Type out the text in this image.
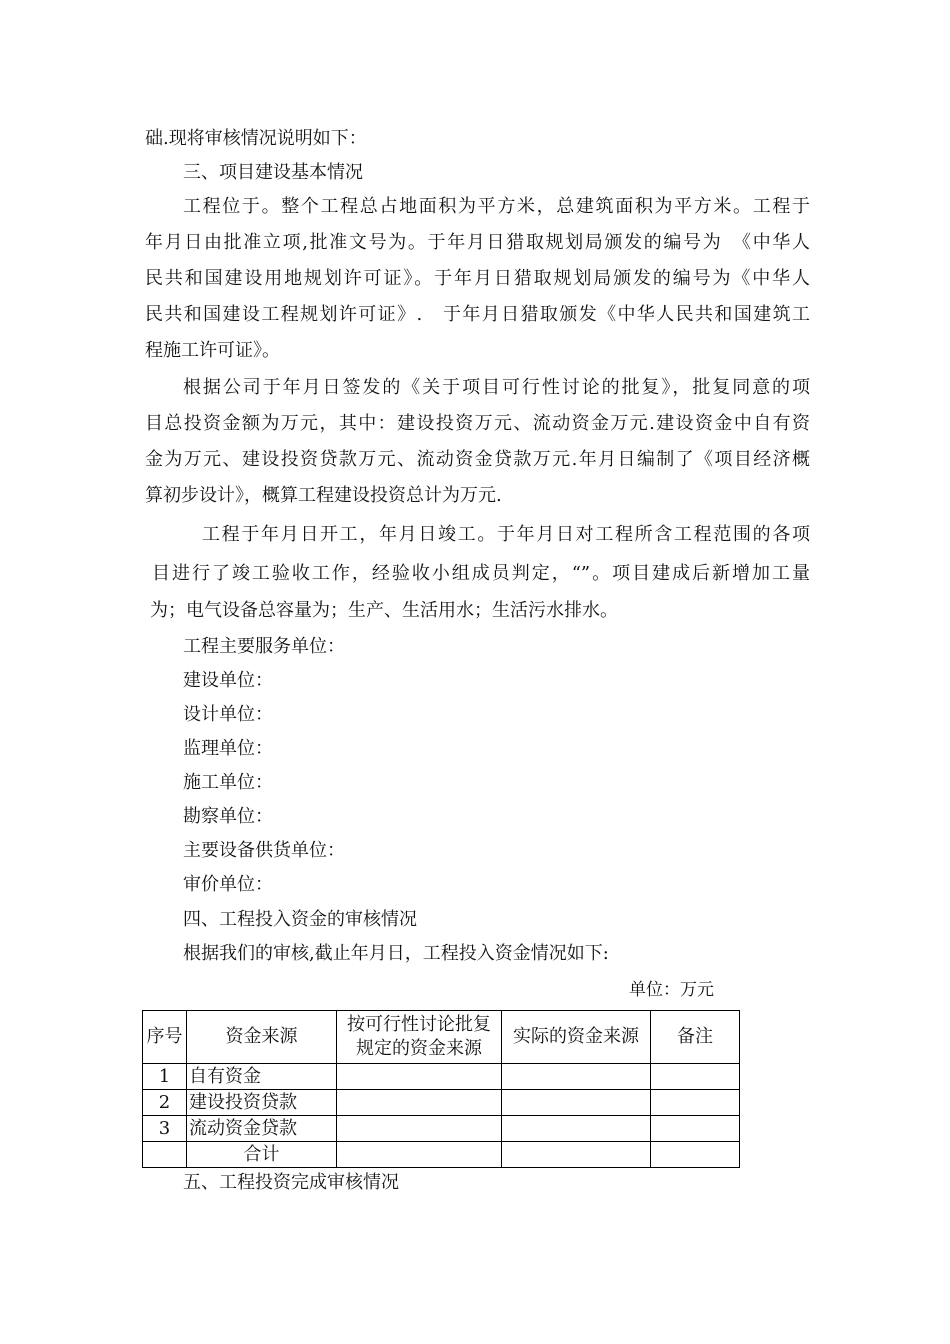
础.现将审核情况说明如下：
三、项目建设基本情况
工程位于。整个工程总占地面积为平方米，总建筑面积为平方米。工程于
年月日由批准立项,批准文号为。于年月日猎取规划局颁发的编号为　《中华人
民共和国建设用地规划许可证》。于年月日猎取规划局颁发的编号为《中华人
民共和国建设工程规划许可证》.　于年月日猎取颁发《中华人民共和国建筑工
程施工许可证》。
根据公司于年月日签发的《关于项目可行性讨论的批复》，批复同意的项
目总投资金额为万元，其中：建设投资万元、流动资金万元.建设资金中自有资
金为万元、建设投资贷款万元、流动资金贷款万元.年月日编制了《项目经济概
算初步设计》，概算工程建设投资总计为万元.
工程于年月日开工，年月日竣工。于年月日对工程所含工程范围的各项
目进行了竣工验收工作，经验收小组成员判定，“”。项目建成后新增加工量
为；电气设备总容量为；生产、生活用水；生活污水排水。
工程主要服务单位：
建设单位：
设计单位：
监理单位：
施工单位：
勘察单位：
主要设备供货单位：
审价单位：
四、工程投入资金的审核情况
根据我们的审核,截止年月日，工程投入资金情况如下:
单位：万元
序号	资金来源	按可行性讨论批复规定的资金来源	实际的资金来源	备注
1	自有资金			
2	建设投资贷款			
3	流动资金贷款			
	合计			
五、工程投资完成审核情况
